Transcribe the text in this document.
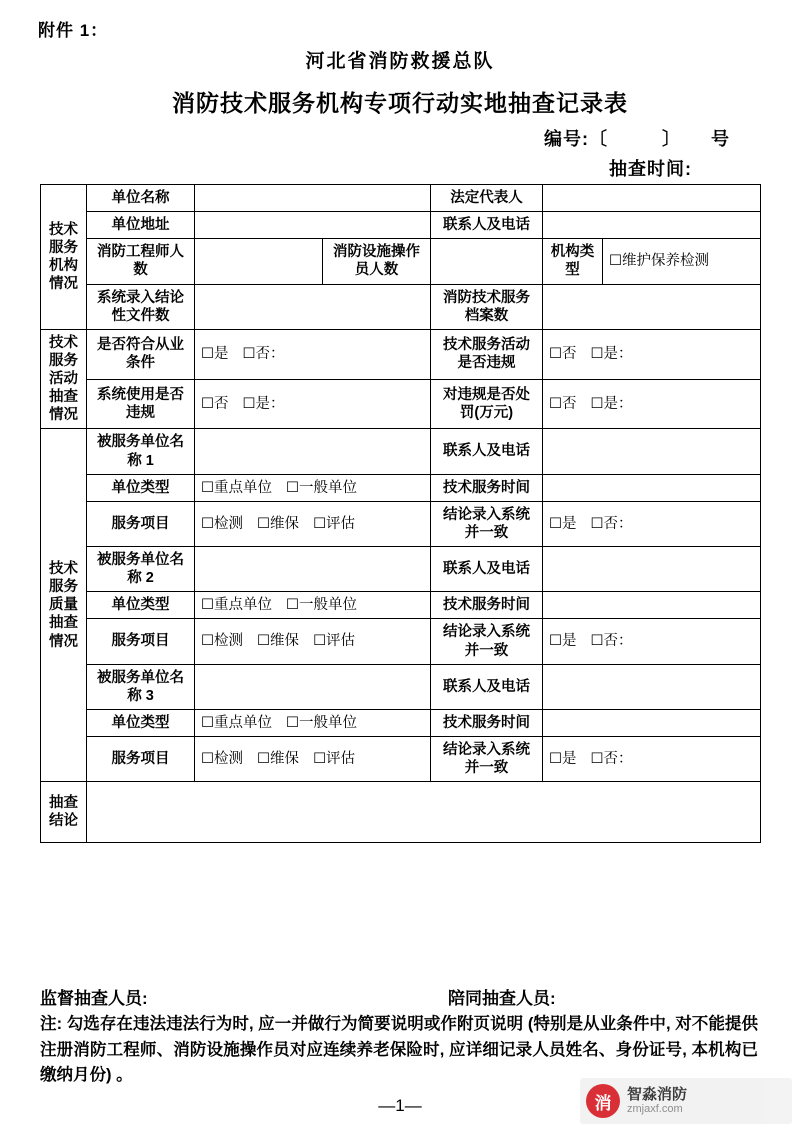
附件 1：
河北省消防救援总队
消防技术服务机构专项行动实地抽查记录表
编号:〔	〕 号
抽查时间:
技术服务机构情况	单位名称			法定代表人		
	单位地址			联系人及电话		
	消防工程师人数		消防设施操作员人数		机构类型	☐维护保养检测
	系统录入结论性文件数			消防技术服务档案数		
技术服务活动抽查情况	是否符合从业条件	☐是 ☐否：		技术服务活动是否违规	☐否 ☐是：	
	系统使用是否违规	☐否 ☐是：		对违规是否处罚(万元)	☐否 ☐是：	
技术服务质量抽查情况	被服务单位名称 1			联系人及电话		
	单位类型	☐重点单位 ☐一般单位		技术服务时间		
	服务项目	☐检测 ☐维保 ☐评估		结论录入系统并一致	☐是 ☐否：	
	被服务单位名称 2			联系人及电话		
	单位类型	☐重点单位 ☐一般单位		技术服务时间		
	服务项目	☐检测 ☐维保 ☐评估		结论录入系统并一致	☐是 ☐否：	
	被服务单位名称 3			联系人及电话		
	单位类型	☐重点单位 ☐一般单位		技术服务时间		
	服务项目	☐检测 ☐维保 ☐评估		结论录入系统并一致	☐是 ☐否：	
抽查结论						
监督抽查人员:	陪同抽查人员:
注: 勾选存在违法违法行为时, 应一并做行为简要说明或作附页说明 (特别是从业条件中, 对不能提供注册消防工程师、消防设施操作员对应连续养老保险时, 应详细记录人员姓名、身份证号, 本机构已缴纳月份) 。
—1—	消	智淼消防
zmjaxf.com
